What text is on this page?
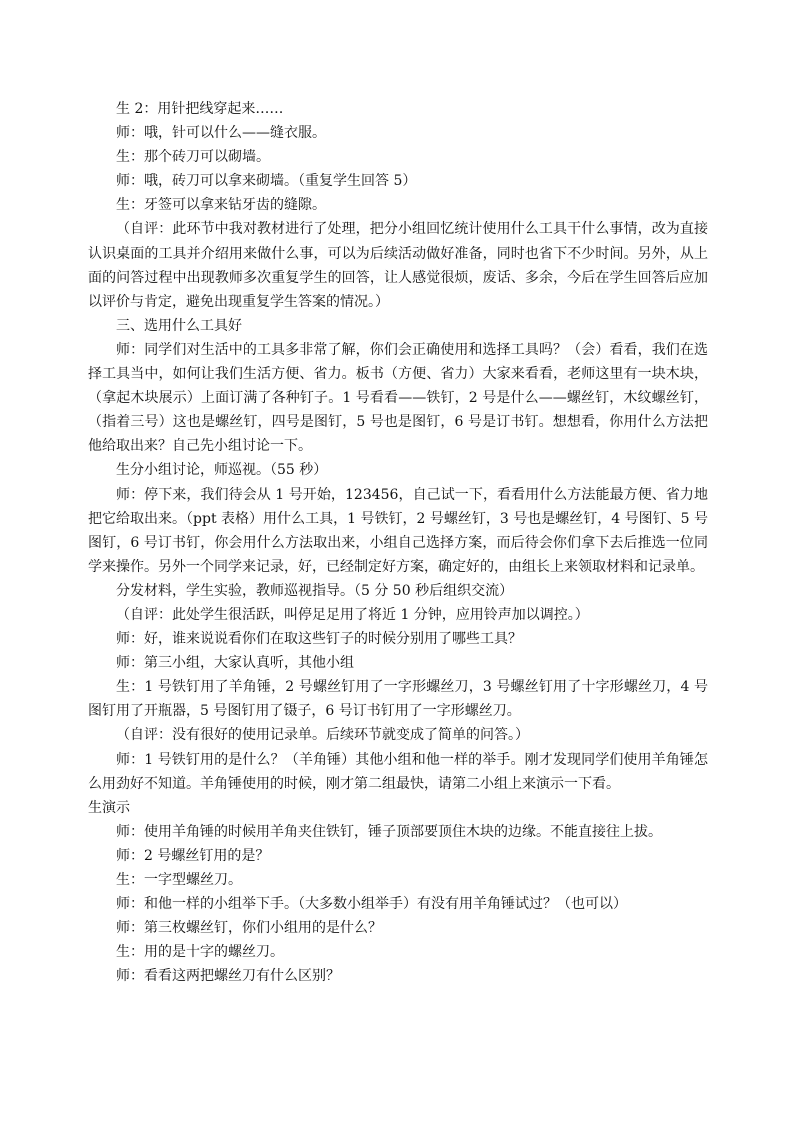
生 2：用针把线穿起来……

师：哦，针可以什么——缝衣服。

生：那个砖刀可以砌墙。

师：哦，砖刀可以拿来砌墙。（重复学生回答 5）

生：牙签可以拿来钻牙齿的缝隙。

（自评：此环节中我对教材进行了处理，把分小组回忆统计使用什么工具干什么事情，改为直接认识桌面的工具并介绍用来做什么事，可以为后续活动做好准备，同时也省下不少时间。另外，从上面的问答过程中出现教师多次重复学生的回答，让人感觉很烦，废话、多余，今后在学生回答后应加以评价与肯定，避免出现重复学生答案的情况。）

三、选用什么工具好

师：同学们对生活中的工具多非常了解，你们会正确使用和选择工具吗？（会）看看，我们在选择工具当中，如何让我们生活方便、省力。板书（方便、省力）大家来看看，老师这里有一块木块，（拿起木块展示）上面订满了各种钉子。1 号看看——铁钉，2 号是什么——螺丝钉，木纹螺丝钉，（指着三号）这也是螺丝钉，四号是图钉，5 号也是图钉，6 号是订书钉。想想看，你用什么方法把他给取出来？自己先小组讨论一下。

生分小组讨论，师巡视。（55 秒）

师：停下来，我们待会从 1 号开始，123456，自己试一下，看看用什么方法能最方便、省力地把它给取出来。（ppt 表格）用什么工具，1 号铁钉，2 号螺丝钉，3 号也是螺丝钉，4 号图钉、5 号图钉，6 号订书钉，你会用什么方法取出来，小组自己选择方案，而后待会你们拿下去后推选一位同学来操作。另外一个同学来记录，好，已经制定好方案，确定好的，由组长上来领取材料和记录单。

分发材料，学生实验，教师巡视指导。（5 分 50 秒后组织交流）

（自评：此处学生很活跃，叫停足足用了将近 1 分钟，应用铃声加以调控。）

师：好，谁来说说看你们在取这些钉子的时候分别用了哪些工具？

师：第三小组，大家认真听，其他小组

生：1 号铁钉用了羊角锤，2 号螺丝钉用了一字形螺丝刀，3 号螺丝钉用了十字形螺丝刀，4 号图钉用了开瓶器，5 号图钉用了镊子，6 号订书钉用了一字形螺丝刀。

（自评：没有很好的使用记录单。后续环节就变成了简单的问答。）

师：1 号铁钉用的是什么？（羊角锤）其他小组和他一样的举手。刚才发现同学们使用羊角锤怎么用劲好不知道。羊角锤使用的时候，刚才第二组最快，请第二小组上来演示一下看。

生演示

师：使用羊角锤的时候用羊角夹住铁钉，锤子顶部要顶住木块的边缘。不能直接往上拔。

师：2 号螺丝钉用的是？

生：一字型螺丝刀。

师：和他一样的小组举下手。（大多数小组举手）有没有用羊角锤试过？（也可以）

师：第三枚螺丝钉，你们小组用的是什么？

生：用的是十字的螺丝刀。

师：看看这两把螺丝刀有什么区别？
